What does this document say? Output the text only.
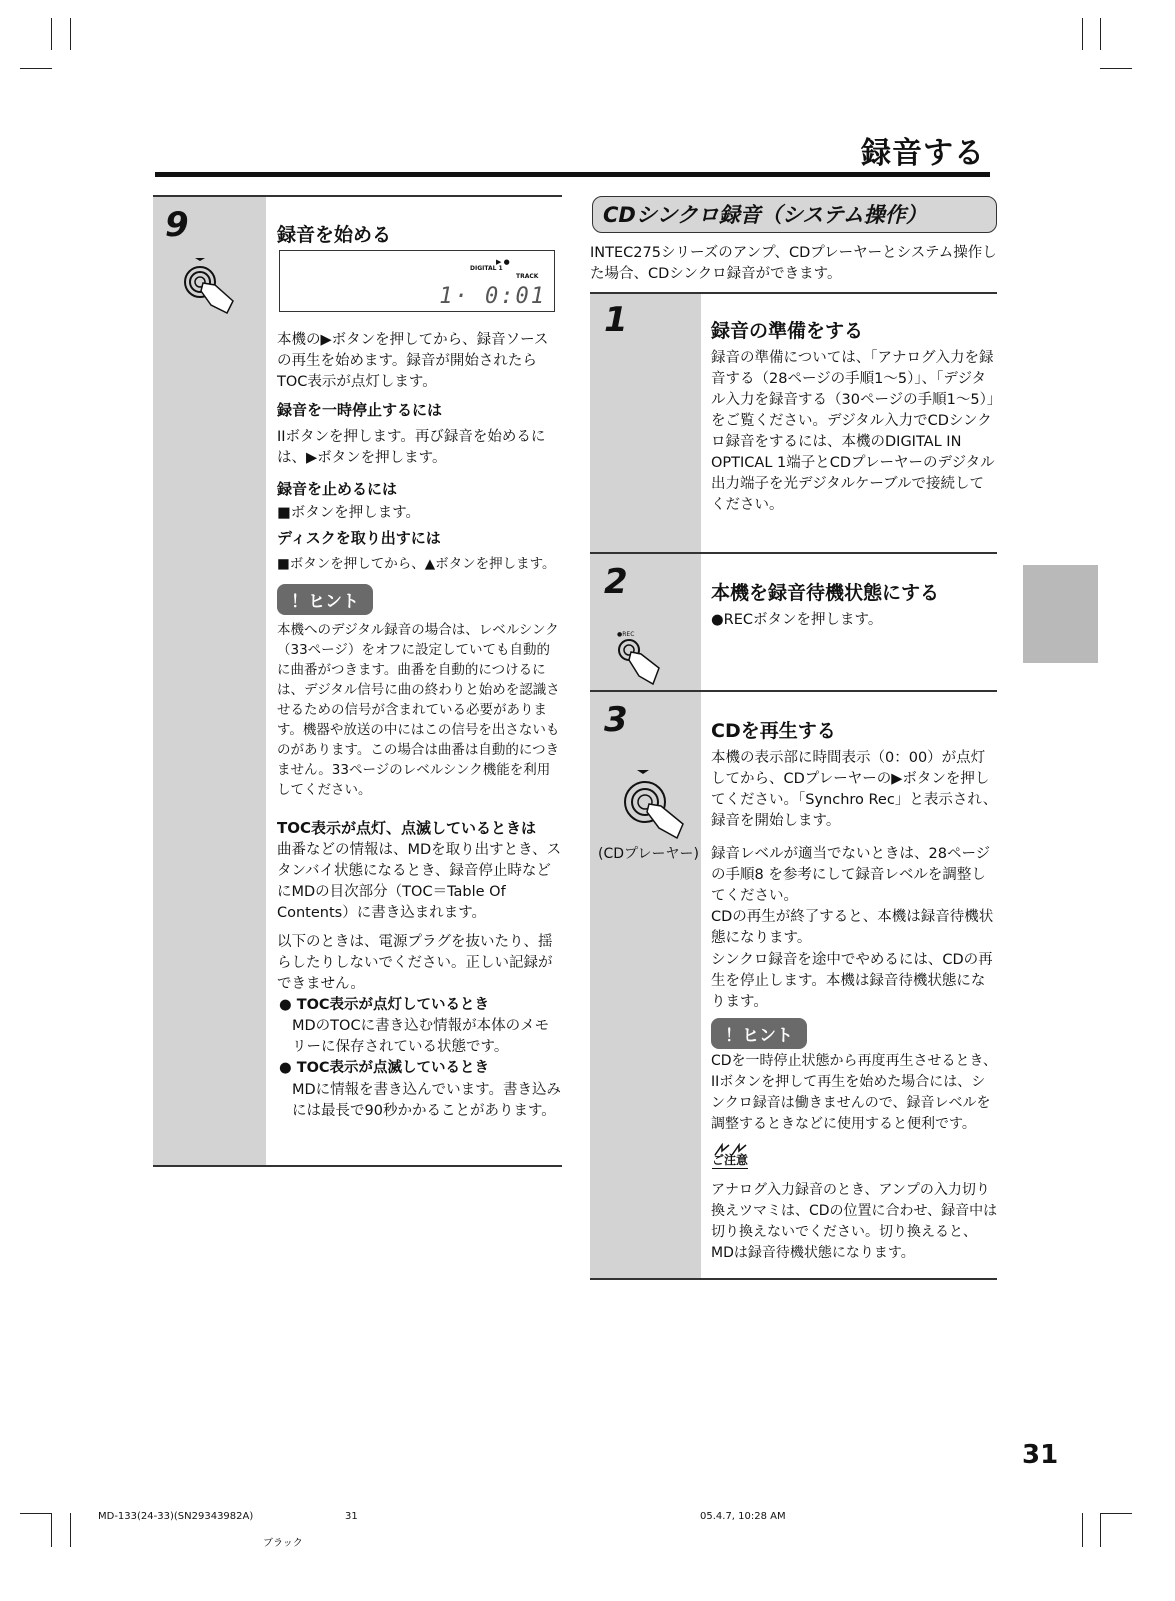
録音する
9	録音を始める
DIGITAL 1
TRACK
▶ ●
1· 0:01
本機の▶ボタンを押してから、録音ソースの再生を始めます。録音が開始されたらTOC表示が点灯します。
録音を一時停止するには
IIボタンを押します。再び録音を始めるには、▶ボタンを押します。
録音を止めるには
■ボタンを押します。
ディスクを取り出すには
■ボタンを押してから、▲ボタンを押します。
！ヒント
本機へのデジタル録音の場合は、レベルシンク（33ページ）をオフに設定していても自動的に曲番がつきます。曲番を自動的につけるには、デジタル信号に曲の終わりと始めを認識させるための信号が含まれている必要があります。機器や放送の中にはこの信号を出さないものがあります。この場合は曲番は自動的につきません。33ページのレベルシンク機能を利用してください。
TOC表示が点灯、点滅しているときは
曲番などの情報は、MDを取り出すとき、スタンバイ状態になるとき、録音停止時などにMDの目次部分（TOC＝Table Of Contents）に書き込まれます。
以下のときは、電源プラグを抜いたり、揺らしたりしないでください。正しい記録ができません。
● TOC表示が点灯しているとき
MDのTOCに書き込む情報が本体のメモリーに保存されている状態です。
● TOC表示が点滅しているとき
MDに情報を書き込んでいます。書き込みには最長で90秒かかることがあります。
CDシンクロ録音（システム操作）
INTEC275シリーズのアンプ、CDプレーヤーとシステム操作した場合、CDシンクロ録音ができます。
1	録音の準備をする
録音の準備については、「アナログ入力を録音する（28ページの手順1〜5）」、「デジタル入力を録音する（30ページの手順1〜5）」をご覧ください。デジタル入力でCDシンクロ録音をするには、本機のDIGITAL IN OPTICAL 1端子とCDプレーヤーのデジタル出力端子を光デジタルケーブルで接続してください。
2
●REC
本機を録音待機状態にする
●RECボタンを押します。
3
(CDプレーヤー)
CDを再生する
本機の表示部に時間表示（0：00）が点灯してから、CDプレーヤーの▶ボタンを押してください。「Synchro Rec」と表示され、録音を開始します。
録音レベルが適当でないときは、28ページの手順8 を参考にして録音レベルを調整してください。
CDの再生が終了すると、本機は録音待機状態になります。
シンクロ録音を途中でやめるには、CDの再生を停止します。本機は録音待機状態になります。
！ヒント
CDを一時停止状態から再度再生させるとき、IIボタンを押して再生を始めた場合には、シンクロ録音は働きませんので、録音レベルを調整するときなどに使用すると便利です。
ご注意
アナログ入力録音のとき、アンプの入力切り換えツマミは、CDの位置に合わせ、録音中は切り換えないでください。切り換えると、MDは録音待機状態になります。
31
MD-133(24-33)(SN29343982A)	31	05.4.7, 10:28 AM
ブラック
